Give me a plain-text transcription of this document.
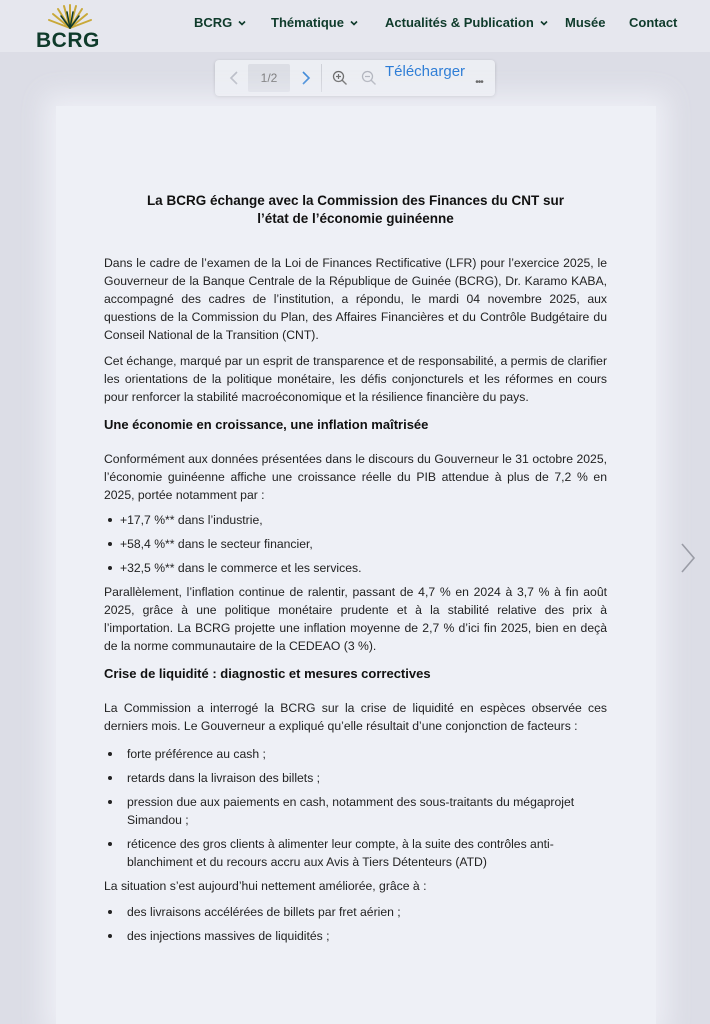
BCRG
BCRG	Thématique	Actualités & Publication Musée Contact
1/2	Télécharger
•••
La BCRG échange avec la Commission des Finances du CNT sur
l’état de l’économie guinéenne

Dans le cadre de l’examen de la Loi de Finances Rectificative (LFR) pour l’exercice 2025, le Gouverneur de la Banque Centrale de la République de Guinée (BCRG), Dr. Karamo KABA, accompagné des cadres de l’institution, a répondu, le mardi 04 novembre 2025, aux questions de la Commission du Plan, des Affaires Financières et du Contrôle Budgétaire du Conseil National de la Transition (CNT).

Cet échange, marqué par un esprit de transparence et de responsabilité, a permis de clarifier les orientations de la politique monétaire, les défis conjoncturels et les réformes en cours pour renforcer la stabilité macroéconomique et la résilience financière du pays.

Une économie en croissance, une inflation maîtrisée

Conformément aux données présentées dans le discours du Gouverneur le 31 octobre 2025, l’économie guinéenne affiche une croissance réelle du PIB attendue à plus de 7,2 % en 2025, portée notamment par :

+17,7 %** dans l’industrie,
+58,4 %** dans le secteur financier,
+32,5 %** dans le commerce et les services.

Parallèlement, l’inflation continue de ralentir, passant de 4,7 % en 2024 à 3,7 % à fin août 2025, grâce à une politique monétaire prudente et à la stabilité relative des prix à l’importation. La BCRG projette une inflation moyenne de 2,7 % d’ici fin 2025, bien en deçà de la norme communautaire de la CEDEAO (3 %).

Crise de liquidité : diagnostic et mesures correctives

La Commission a interrogé la BCRG sur la crise de liquidité en espèces observée ces derniers mois. Le Gouverneur a expliqué qu’elle résultait d’une conjonction de facteurs :

forte préférence au cash ;
retards dans la livraison des billets ;
pression due aux paiements en cash, notamment des sous-traitants du mégaprojet Simandou ;
réticence des gros clients à alimenter leur compte, à la suite des contrôles anti-blanchiment et du recours accru aux Avis à Tiers Détenteurs (ATD)

La situation s’est aujourd’hui nettement améliorée, grâce à :

des livraisons accélérées de billets par fret aérien ;
des injections massives de liquidités ;
